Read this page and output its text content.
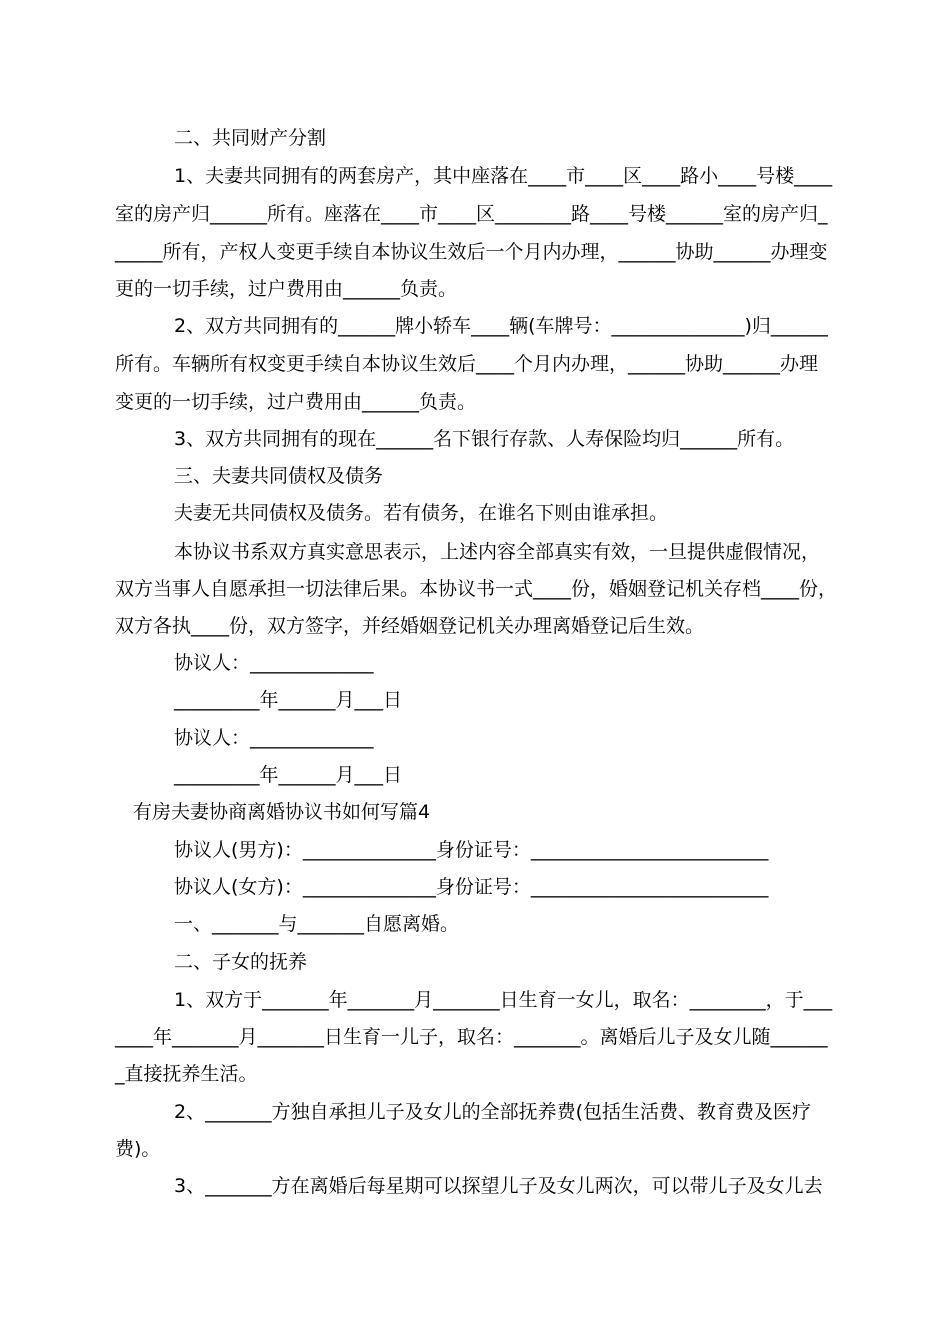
二、共同财产分割
1、夫妻共同拥有的两套房产，其中座落在____市____区____路小____号楼____
室的房产归______所有。座落在____市____区________路____号楼______室的房产归_
_____所有，产权人变更手续自本协议生效后一个月内办理，______协助______办理变
更的一切手续，过户费用由______负责。
2、双方共同拥有的______牌小轿车____辆(车牌号：______________)归______
所有。车辆所有权变更手续自本协议生效后____个月内办理，______协助______办理
变更的一切手续，过户费用由______负责。
3、双方共同拥有的现在______名下银行存款、人寿保险均归______所有。
三、夫妻共同债权及债务
夫妻无共同债权及债务。若有债务，在谁名下则由谁承担。
本协议书系双方真实意思表示，上述内容全部真实有效，一旦提供虚假情况，
双方当事人自愿承担一切法律后果。本协议书一式____份，婚姻登记机关存档____份，
双方各执____份，双方签字，并经婚姻登记机关办理离婚登记后生效。
协议人：_____________
_________年______月___日
协议人：_____________
_________年______月___日
有房夫妻协商离婚协议书如何写篇4
协议人(男方)：______________身份证号：_________________________
协议人(女方)：______________身份证号：_________________________
一、_______与_______自愿离婚。
二、子女的抚养
1、双方于_______年_______月_______日生育一女儿，取名：________，于___
____年_______月_______日生育一儿子，取名：_______。离婚后儿子及女儿随______
_直接抚养生活。
2、_______方独自承担儿子及女儿的全部抚养费(包括生活费、教育费及医疗
费)。
3、_______方在离婚后每星期可以探望儿子及女儿两次，可以带儿子及女儿去
